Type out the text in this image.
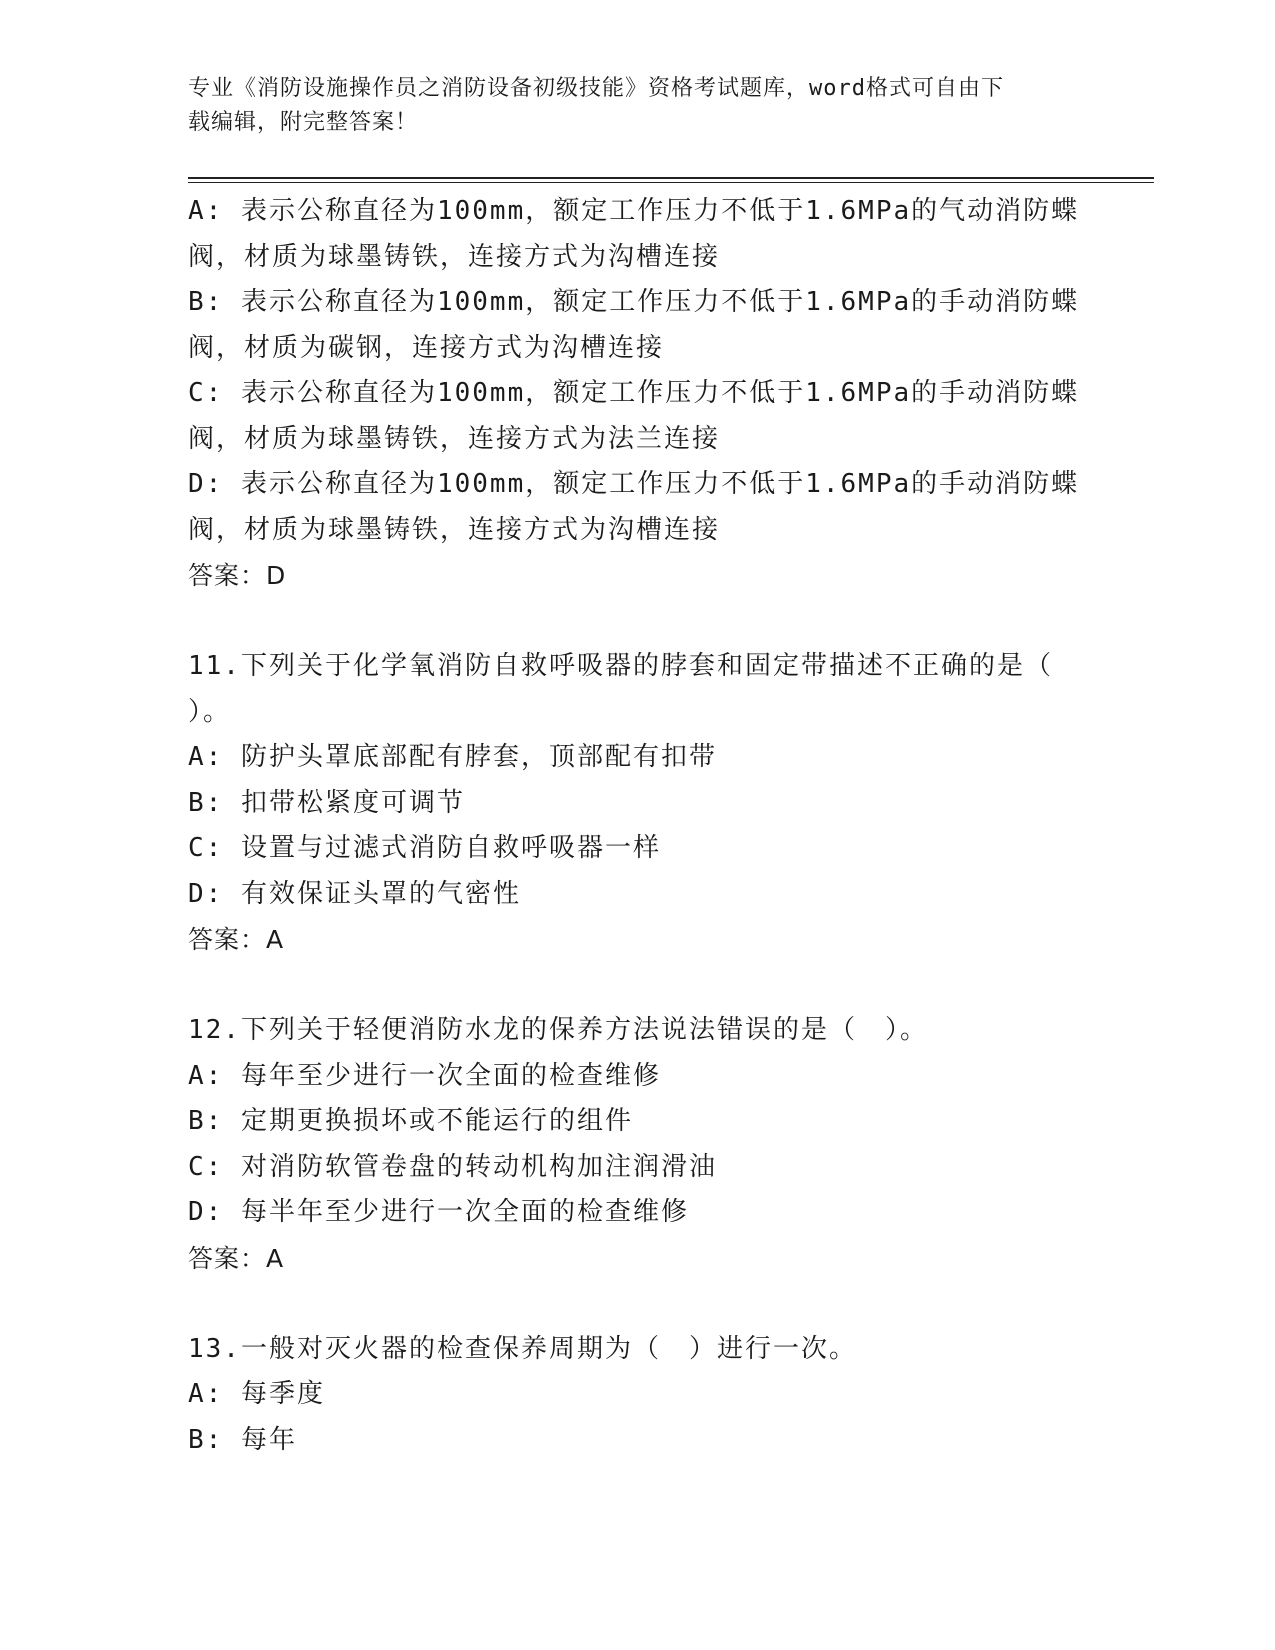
专业《消防设施操作员之消防设备初级技能》资格考试题库，word格式可自由下
载编辑，附完整答案！
A: 表示公称直径为100mm，额定工作压力不低于1.6MPa的气动消防蝶
阀，材质为球墨铸铁，连接方式为沟槽连接
B: 表示公称直径为100mm，额定工作压力不低于1.6MPa的手动消防蝶
阀，材质为碳钢，连接方式为沟槽连接
C: 表示公称直径为100mm，额定工作压力不低于1.6MPa的手动消防蝶
阀，材质为球墨铸铁，连接方式为法兰连接
D: 表示公称直径为100mm，额定工作压力不低于1.6MPa的手动消防蝶
阀，材质为球墨铸铁，连接方式为沟槽连接
答案：D
11.下列关于化学氧消防自救呼吸器的脖套和固定带描述不正确的是（
）。
A: 防护头罩底部配有脖套，顶部配有扣带
B: 扣带松紧度可调节
C: 设置与过滤式消防自救呼吸器一样
D: 有效保证头罩的气密性
答案：A
12.下列关于轻便消防水龙的保养方法说法错误的是（　）。
A: 每年至少进行一次全面的检查维修
B: 定期更换损坏或不能运行的组件
C: 对消防软管卷盘的转动机构加注润滑油
D: 每半年至少进行一次全面的检查维修
答案：A
13.一般对灭火器的检查保养周期为（　）进行一次。
A: 每季度
B: 每年
